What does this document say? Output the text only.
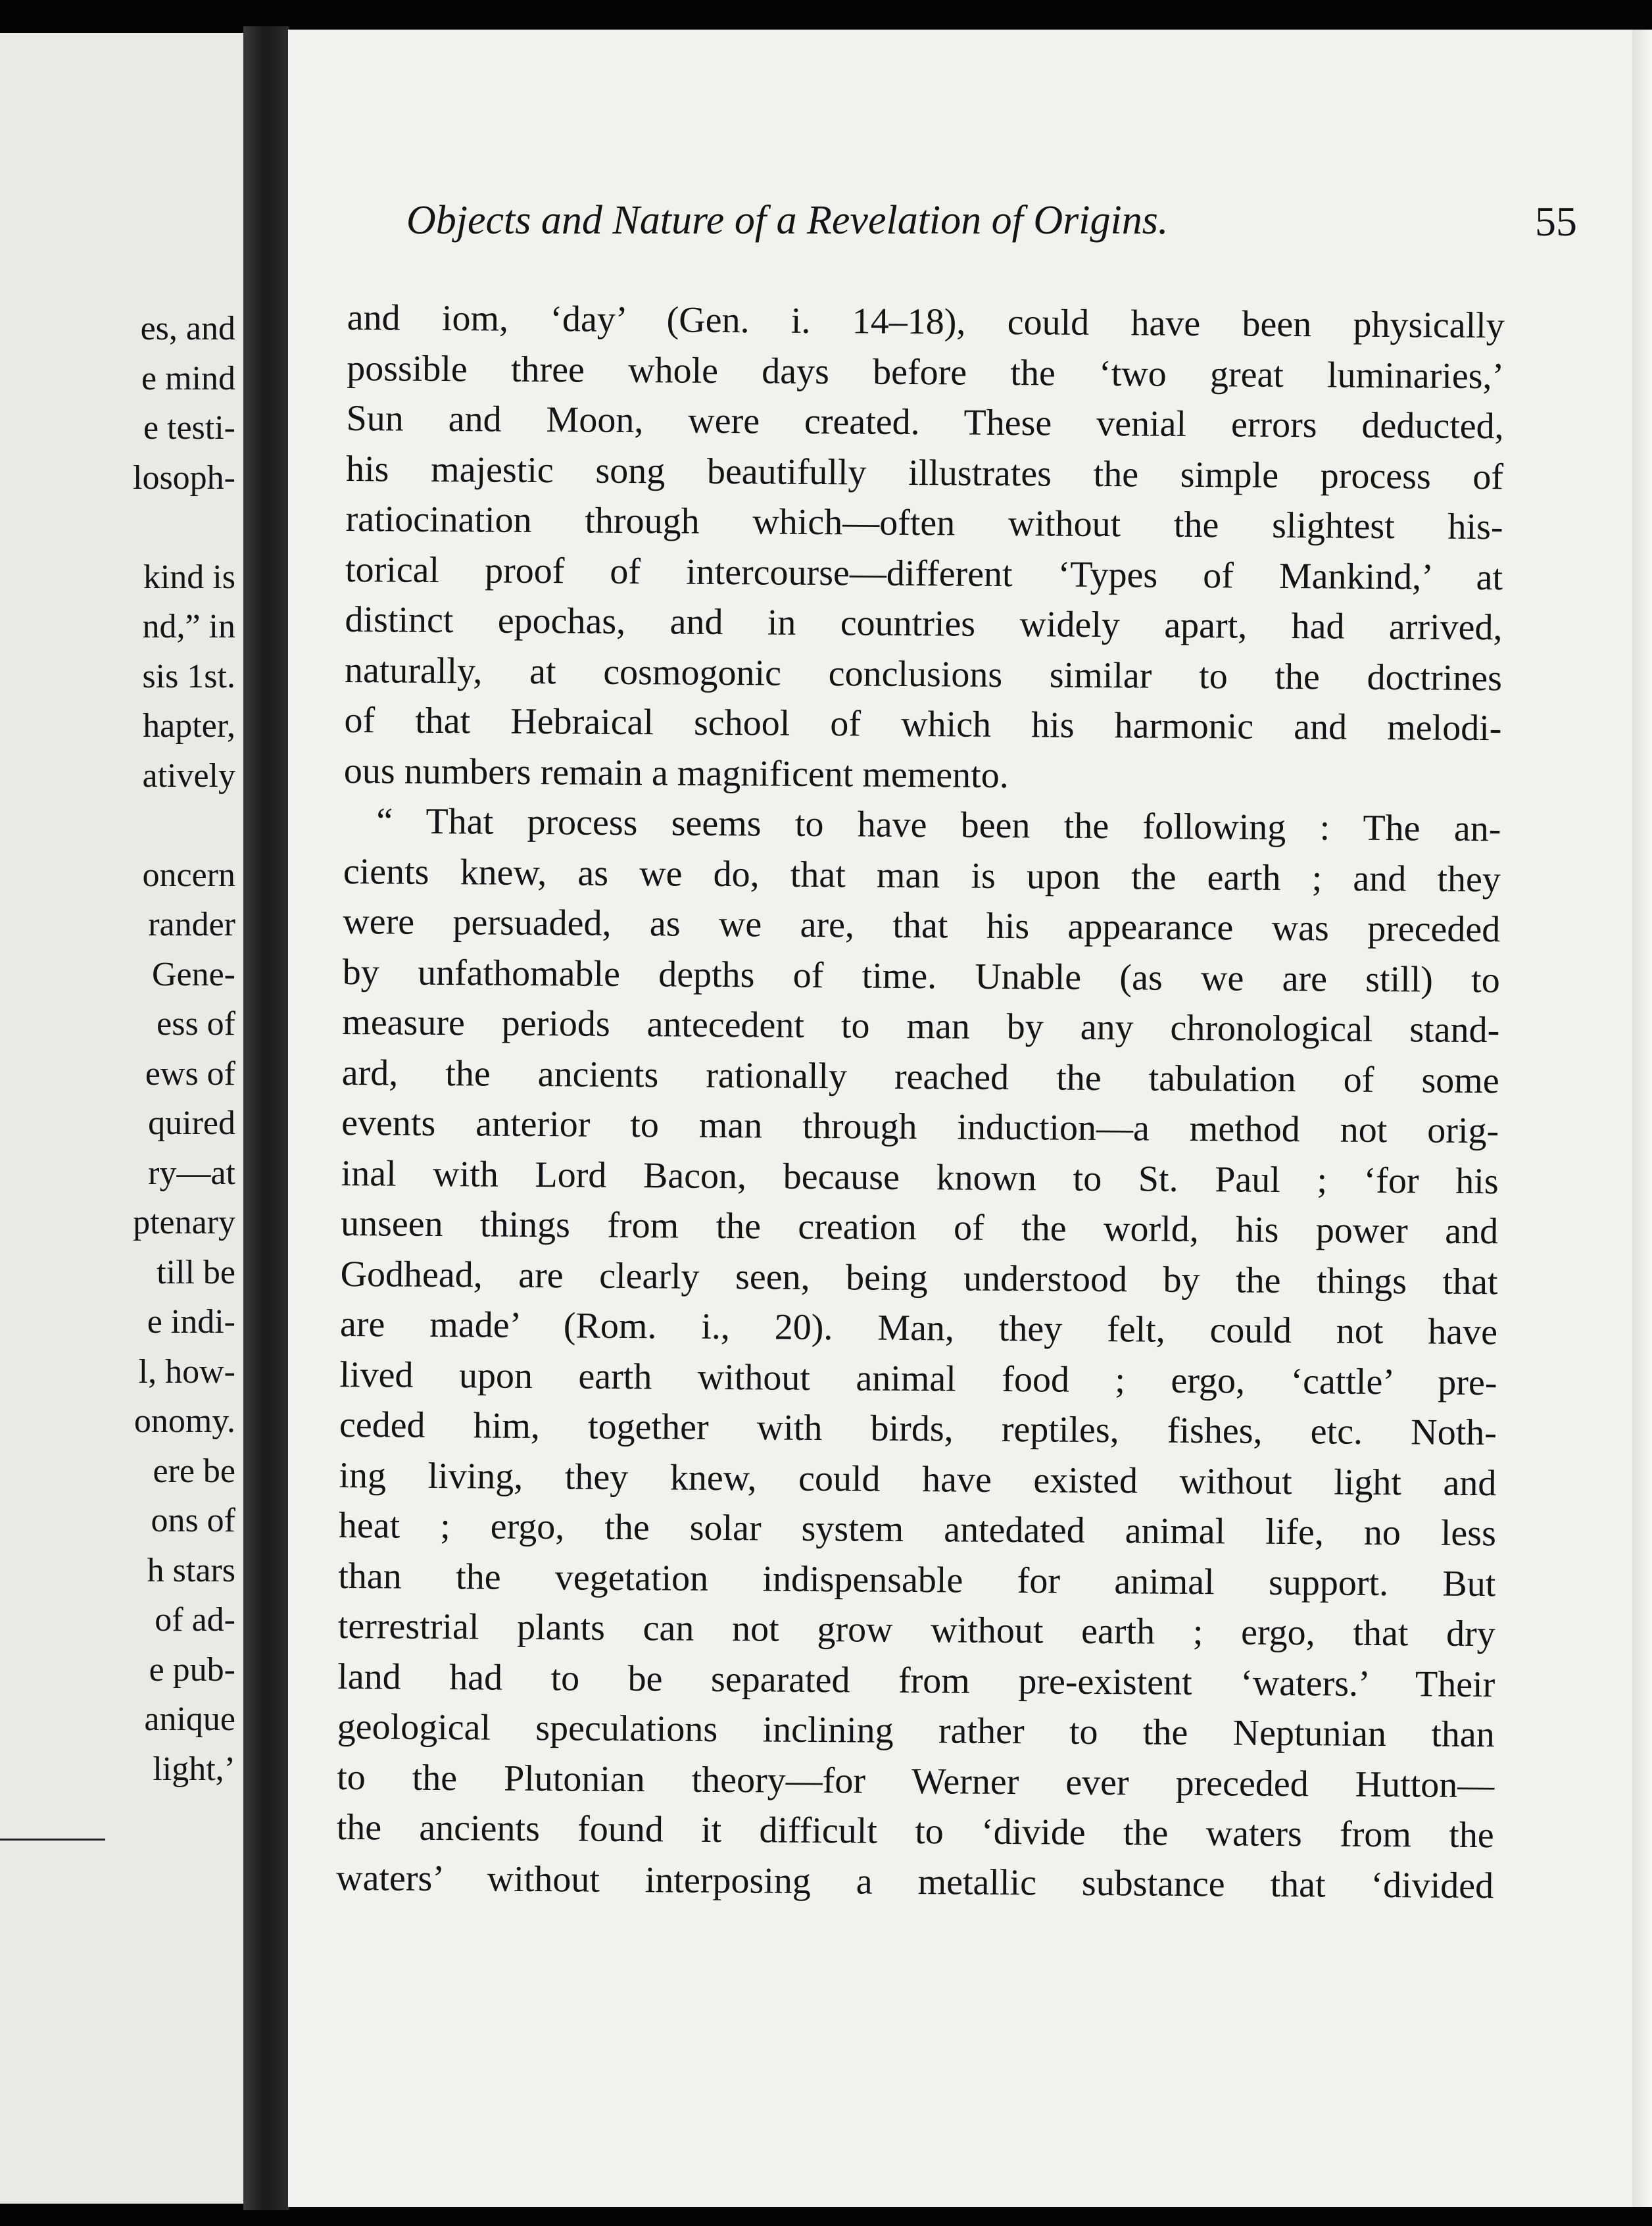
es, and
e mind
e testi-
losoph-
kind is
nd,” in
sis 1st.
hapter,
atively
oncern
rander
Gene-
ess of
ews of
quired
ry—at
ptenary
till be
e indi-
l, how-
onomy.
ere be
ons of
h stars
of ad-
e pub-
anique
light,’
Objects and Nature of a Revelation of Origins.	55
and iom, ‘day’ (Gen. i. 14–18), could have been physically
possible three whole days before the ‘two great luminaries,’
Sun and Moon, were created. These venial errors deducted,
his majestic song beautifully illustrates the simple process of
ratiocination through which—often without the slightest his-
torical proof of intercourse—different ‘Types of Mankind,’ at
distinct epochas, and in countries widely apart, had arrived,
naturally, at cosmogonic conclusions similar to the doctrines
of that Hebraical school of which his harmonic and melodi-
ous numbers remain a magnificent memento.
“ That process seems to have been the following : The an-
cients knew, as we do, that man is upon the earth ; and they
were persuaded, as we are, that his appearance was preceded
by unfathomable depths of time. Unable (as we are still) to
measure periods antecedent to man by any chronological stand-
ard, the ancients rationally reached the tabulation of some
events anterior to man through induction—a method not orig-
inal with Lord Bacon, because known to St. Paul ; ‘for his
unseen things from the creation of the world, his power and
Godhead, are clearly seen, being understood by the things that
are made’ (Rom. i., 20). Man, they felt, could not have
lived upon earth without animal food ; ergo, ‘cattle’ pre-
ceded him, together with birds, reptiles, fishes, etc. Noth-
ing living, they knew, could have existed without light and
heat ; ergo, the solar system antedated animal life, no less
than the vegetation indispensable for animal support. But
terrestrial plants can not grow without earth ; ergo, that dry
land had to be separated from pre-existent ‘waters.’ Their
geological speculations inclining rather to the Neptunian than
to the Plutonian theory—for Werner ever preceded Hutton—
the ancients found it difficult to ‘divide the waters from the
waters’ without interposing a metallic substance that ‘divided
